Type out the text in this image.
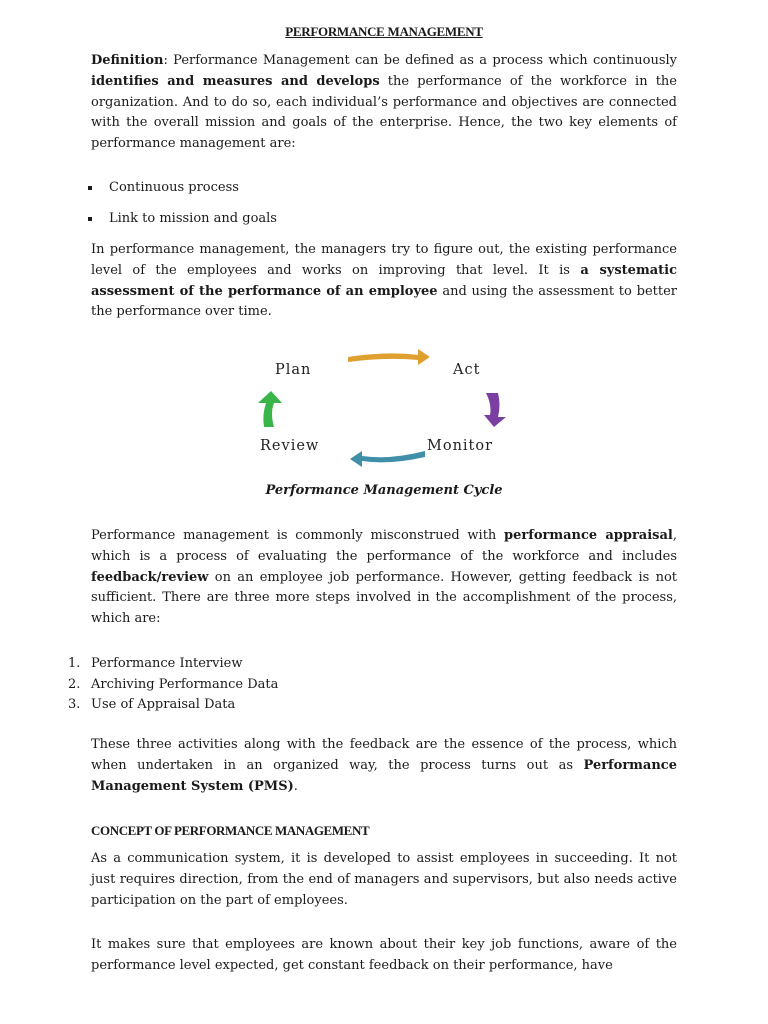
PERFORMANCE MANAGEMENT

Definition: Performance Management can be defined as a process which continuously identifies and measures and develops the performance of the workforce in the organization. And to do so, each individual’s performance and objectives are connected with the overall mission and goals of the enterprise. Hence, the two key elements of performance management are:

Continuous process
Link to mission and goals

In performance management, the managers try to figure out, the existing performance level of the employees and works on improving that level. It is a systematic assessment of the performance of an employee and using the assessment to better the performance over time.

Plan	Act
Monitor
Review
Performance Management Cycle

Performance management is commonly misconstrued with performance appraisal, which is a process of evaluating the performance of the workforce and includes feedback/review on an employee job performance. However, getting feedback is not sufficient. There are three more steps involved in the accomplishment of the process, which are:

1. Performance Interview
2. Archiving Performance Data
3. Use of Appraisal Data

These three activities along with the feedback are the essence of the process, which when undertaken in an organized way, the process turns out as Performance Management System (PMS).

CONCEPT OF PERFORMANCE MANAGEMENT

As a communication system, it is developed to assist employees in succeeding. It not just requires direction, from the end of managers and supervisors, but also needs active participation on the part of employees.

It makes sure that employees are known about their key job functions, aware of the performance level expected, get constant feedback on their performance, have
